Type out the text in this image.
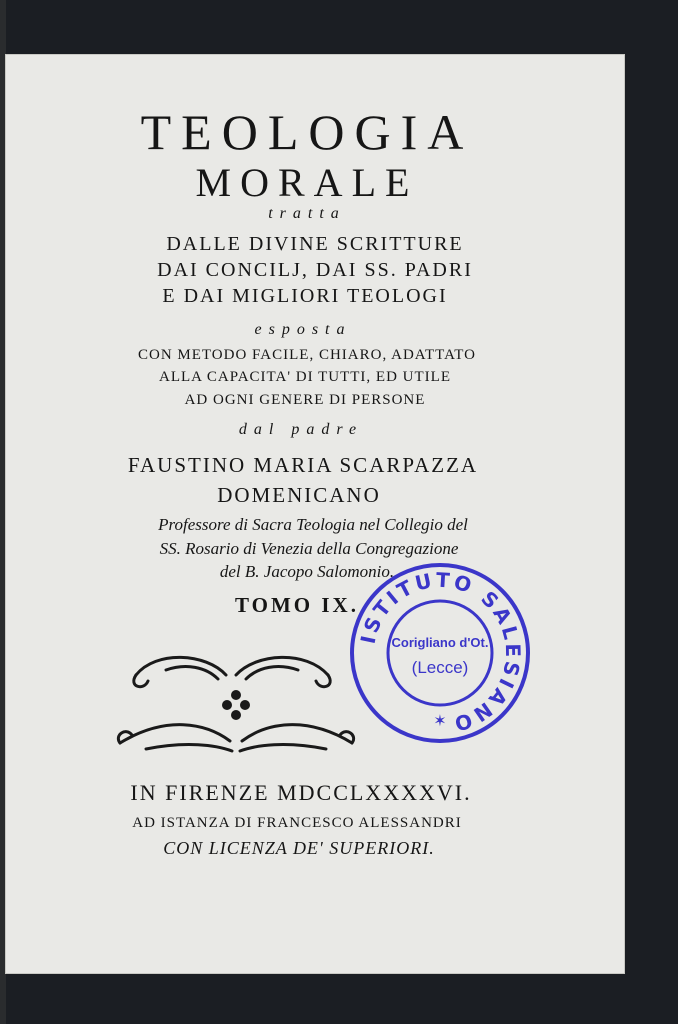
TEOLOGIA
MORALE
tratta
DALLE DIVINE SCRITTURE
DAI CONCILJ, DAI SS. PADRI
E DAI MIGLIORI TEOLOGI
esposta
CON METODO FACILE, CHIARO, ADATTATO
ALLA CAPACITA' DI TUTTI, ED UTILE
AD OGNI GENERE DI PERSONE
dal padre
FAUSTINO MARIA SCARPAZZA
DOMENICANO
Professore di Sacra Teologia nel Collegio del
SS. Rosario di Venezia della Congregazione
del B. Jacopo Salomonio.
TOMO IX.
ISTITUTO SALESIANO
✶
Corigliano d'Ot.
(Lecce)
IN FIRENZE MDCCLXXXXVI.
AD ISTANZA DI FRANCESCO ALESSANDRI
CON LICENZA DE' SUPERIORI.
